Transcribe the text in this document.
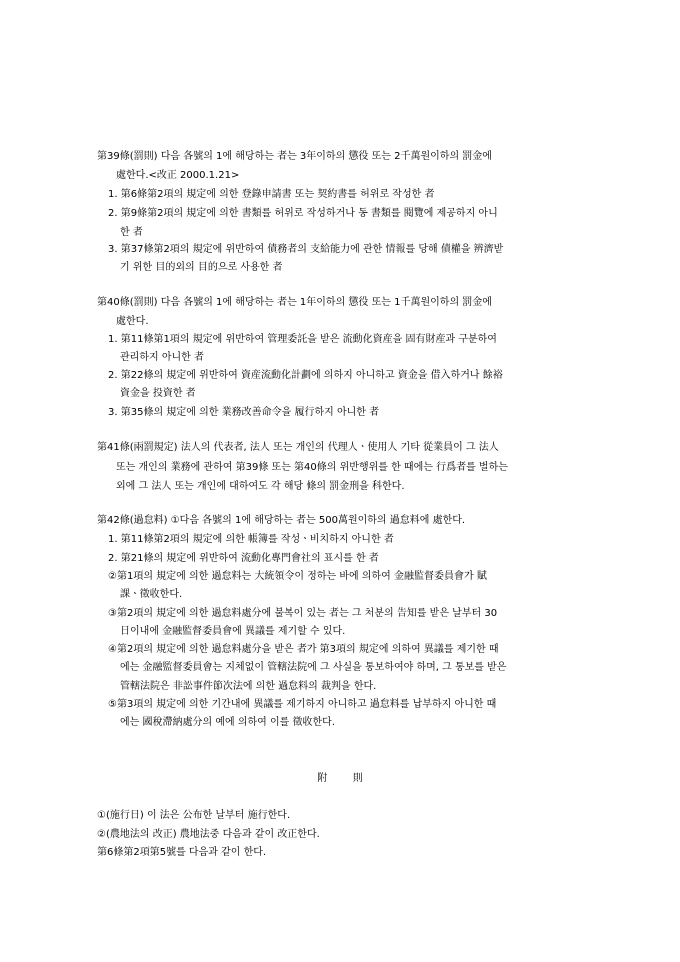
第39條(罰則) 다음 各號의 1에 해당하는 者는 3年이하의 懲役 또는 2千萬원이하의 罰金에
處한다.<改正 2000.1.21>
1. 第6條第2項의 規定에 의한 登錄申請書 또는 契約書를 허위로 작성한 者
2. 第9條第2項의 規定에 의한 書類를 허위로 작성하거나 동 書類를 閱覽에 제공하지 아니
한 者
3. 第37條第2項의 規定에 위반하여 債務者의 支給能力에 관한 情報를 당해 債權을 辨濟받
기 위한 目的외의 目的으로 사용한 者
第40條(罰則) 다음 各號의 1에 해당하는 者는 1年이하의 懲役 또는 1千萬원이하의 罰金에
處한다.
1. 第11條第1項의 規定에 위반하여 管理委託을 받은 流動化資産을 固有財産과 구분하여
관리하지 아니한 者
2. 第22條의 規定에 위반하여 資産流動化計劃에 의하지 아니하고 資金을 借入하거나 餘裕
資金을 投資한 者
3. 第35條의 規定에 의한 業務改善命令을 履行하지 아니한 者
第41條(兩罰規定) 法人의 代表者, 法人 또는 개인의 代理人ㆍ使用人 기타 從業員이 그 法人
또는 개인의 業務에 관하여 第39條 또는 第40條의 위반행위를 한 때에는 行爲者를 벌하는
외에 그 法人 또는 개인에 대하여도 각 해당 條의 罰金刑을 科한다.
第42條(過怠料) ①다음 各號의 1에 해당하는 者는 500萬원이하의 過怠料에 處한다.
1. 第11條第2項의 規定에 의한 帳簿를 작성ㆍ비치하지 아니한 者
2. 第21條의 規定에 위반하여 流動化專門會社의 표시를 한 者
②第1項의 規定에 의한 過怠料는 大統領令이 정하는 바에 의하여 金融監督委員會가 賦
課ㆍ徵收한다.
③第2項의 規定에 의한 過怠料處分에 불복이 있는 者는 그 처분의 告知를 받은 날부터 30
日이내에 金融監督委員會에 異議를 제기할 수 있다.
④第2項의 規定에 의한 過怠料處分을 받은 者가 第3項의 規定에 의하여 異議를 제기한 때
에는 金融監督委員會는 지체없이 管轄法院에 그 사실을 통보하여야 하며, 그 통보를 받은
管轄法院은 非訟事件節次法에 의한 過怠料의 裁判을 한다.
⑤第3項의 規定에 의한 기간내에 異議를 제기하지 아니하고 過怠料를 납부하지 아니한 때
에는 國稅滯納處分의 예에 의하여 이를 徵收한다.
附        則
①(施行日) 이 法은 公布한 날부터 施行한다.
②(農地法의 改正) 農地法중 다음과 같이 改正한다.
第6條第2項第5號를 다음과 같이 한다.
